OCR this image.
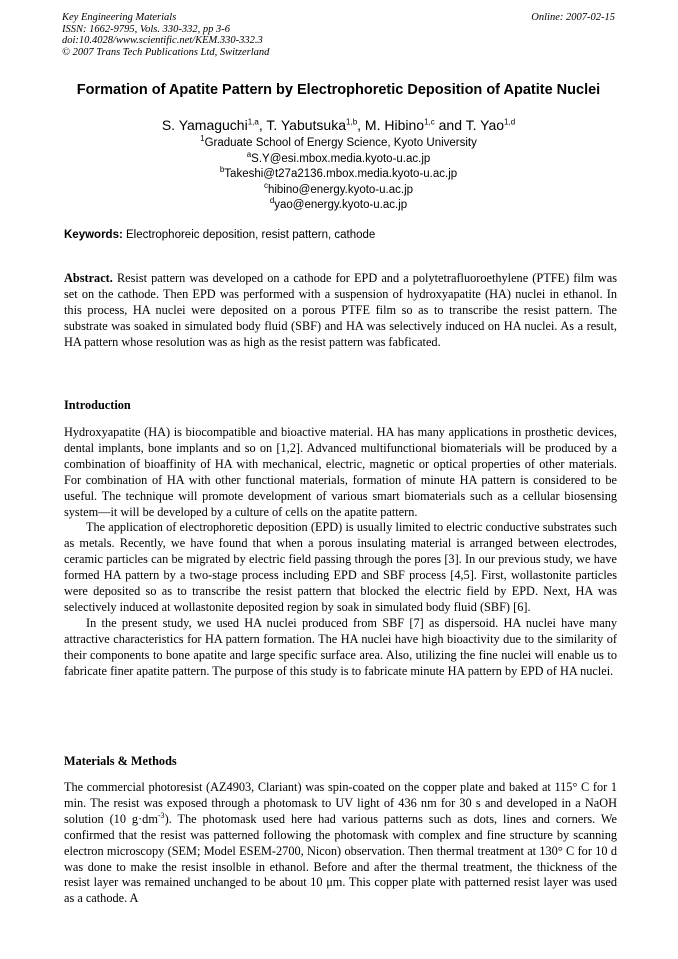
Key Engineering Materials
ISSN: 1662-9795, Vols. 330-332, pp 3-6
doi:10.4028/www.scientific.net/KEM.330-332.3
© 2007 Trans Tech Publications Ltd, Switzerland
Online: 2007-02-15
Formation of Apatite Pattern by Electrophoretic Deposition of Apatite Nuclei
S. Yamaguchi$^{1,a}$, T. Yabutsuka$^{1,b}$, M. Hibino$^{1,c}$ and T. Yao$^{1,d}$
$^1$Graduate School of Energy Science, Kyoto University
$^a$S.Y@esi.mbox.media.kyoto-u.ac.jp
$^b$Takeshi@t27a2136.mbox.media.kyoto-u.ac.jp
$^c$hibino@energy.kyoto-u.ac.jp
$^d$yao@energy.kyoto-u.ac.jp
Keywords: Electrophoreic deposition, resist pattern, cathode

Abstract. Resist pattern was developed on a cathode for EPD and a polytetrafluoroethylene (PTFE) film was set on the cathode. Then EPD was performed with a suspension of hydroxyapatite (HA) nuclei in ethanol. In this process, HA nuclei were deposited on a porous PTFE film so as to transcribe the resist pattern. The substrate was soaked in simulated body fluid (SBF) and HA was selectively induced on HA nuclei. As a result, HA pattern whose resolution was as high as the resist pattern was fabficated.

Introduction

Hydroxyapatite (HA) is biocompatible and bioactive material. HA has many applications in prosthetic devices, dental implants, bone implants and so on [1,2]. Advanced multifunctional biomaterials will be produced by a combination of bioaffinity of HA with mechanical, electric, magnetic or optical properties of other materials. For combination of HA with other functional materials, formation of minute HA pattern is considered to be useful. The technique will promote development of various smart biomaterials such as a cellular biosensing system—it will be developed by a culture of cells on the apatite pattern.

The application of electrophoretic deposition (EPD) is usually limited to electric conductive substrates such as metals. Recently, we have found that when a porous insulating material is arranged between electrodes, ceramic particles can be migrated by electric field passing through the pores [3]. In our previous study, we have formed HA pattern by a two-stage process including EPD and SBF process [4,5]. First, wollastonite particles were deposited so as to transcribe the resist pattern that blocked the electric field by EPD. Next, HA was selectively induced at wollastonite deposited region by soak in simulated body fluid (SBF) [6].

In the present study, we used HA nuclei produced from SBF [7] as dispersoid. HA nuclei have many attractive characteristics for HA pattern formation. The HA nuclei have high bioactivity due to the similarity of their components to bone apatite and large specific surface area. Also, utilizing the fine nuclei will enable us to fabricate finer apatite pattern. The purpose of this study is to fabricate minute HA pattern by EPD of HA nuclei.

Materials & Methods

The commercial photoresist (AZ4903, Clariant) was spin-coated on the copper plate and baked at 115° C for 1 min. The resist was exposed through a photomask to UV light of 436 nm for 30 s and developed in a NaOH solution (10 $g\cdot dm^{-3}$). The photomask used here had various patterns such as dots, lines and corners. We confirmed that the resist was patterned following the photomask with complex and fine structure by scanning electron microscopy (SEM; Model ESEM-2700, Nicon) observation. Then thermal treatment at 130° C for 10 d was done to make the resist insolble in ethanol. Before and after the thermal treatment, the thickness of the resist layer was remained unchanged to be about 10 μm. This copper plate with patterned resist layer was used as a cathode. A
